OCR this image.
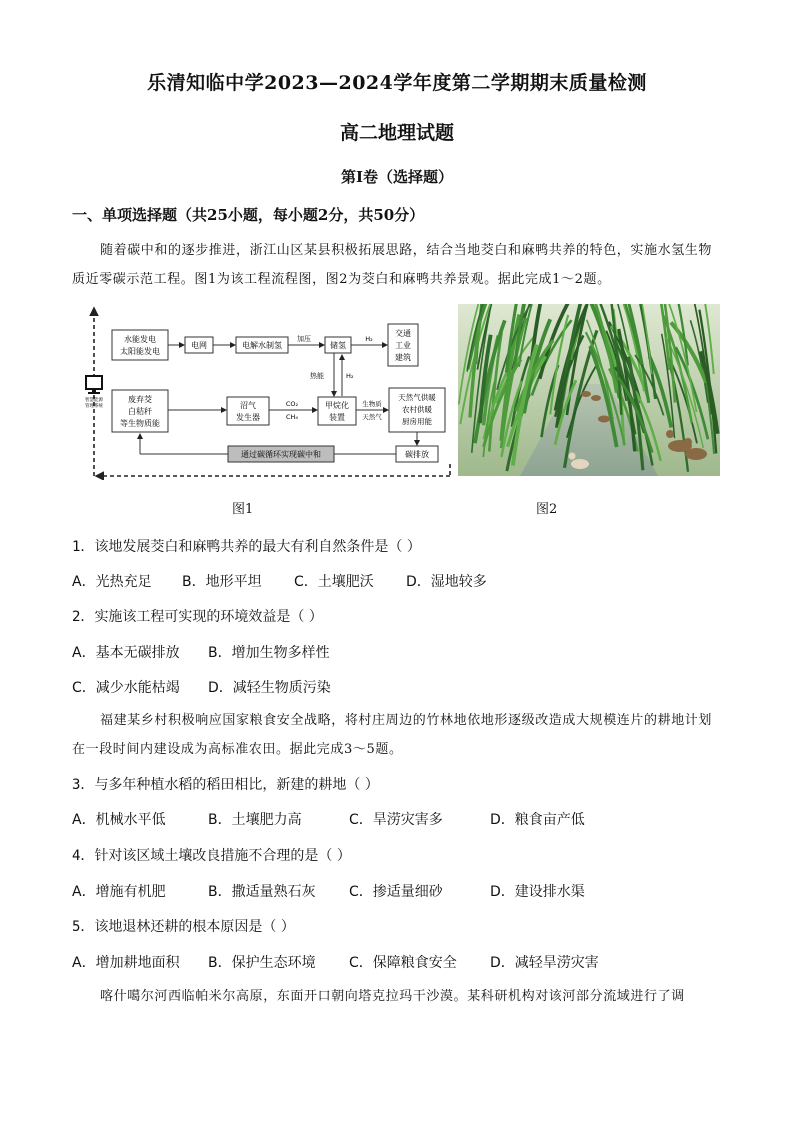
乐清知临中学2023—2024学年度第二学期期末质量检测
高二地理试题
第Ⅰ卷（选择题）
一、单项选择题（共25小题，每小题2分，共50分）
随着碳中和的逐步推进，浙江山区某县积极拓展思路，结合当地茭白和麻鸭共养的特色，实施水氢生物质近零碳示范工程。图1为该工程流程图，图2为茭白和麻鸭共养景观。据此完成1～2题。
智慧能源
管理系统
水能发电
太阳能发电
电网	电解水制氢
加压
储氢
H₂
交通
工业
建筑
热能	H₂
废弃茭
白秸秆
等生物质能
沼气
发生器
CO₂
CH₄
甲烷化
装置
生物质
天然气
天然气供暖
农村供暖
厨房用能
碳排放
通过碳循环实现碳中和
图1	图2
1．该地发展茭白和麻鸭共养的最大有利自然条件是（ ）
A．光热充足	B．地形平坦	C．土壤肥沃	D．湿地较多
2．实施该工程可实现的环境效益是（ ）
A．基本无碳排放	B．增加生物多样性
C．减少水能枯竭	D．减轻生物质污染
福建某乡村积极响应国家粮食安全战略，将村庄周边的竹林地依地形逐级改造成大规模连片的耕地计划在一段时间内建设成为高标准农田。据此完成3～5题。
3．与多年种植水稻的稻田相比，新建的耕地（ ）
A．机械水平低	B．土壤肥力高	C．旱涝灾害多	D．粮食亩产低
4．针对该区域土壤改良措施不合理的是（ ）
A．增施有机肥	B．撒适量熟石灰	C．掺适量细砂	D．建设排水渠
5．该地退林还耕的根本原因是（ ）
A．增加耕地面积	B．保护生态环境	C．保障粮食安全	D．减轻旱涝灾害
喀什噶尔河西临帕米尔高原，东面开口朝向塔克拉玛干沙漠。某科研机构对该河部分流域进行了调
